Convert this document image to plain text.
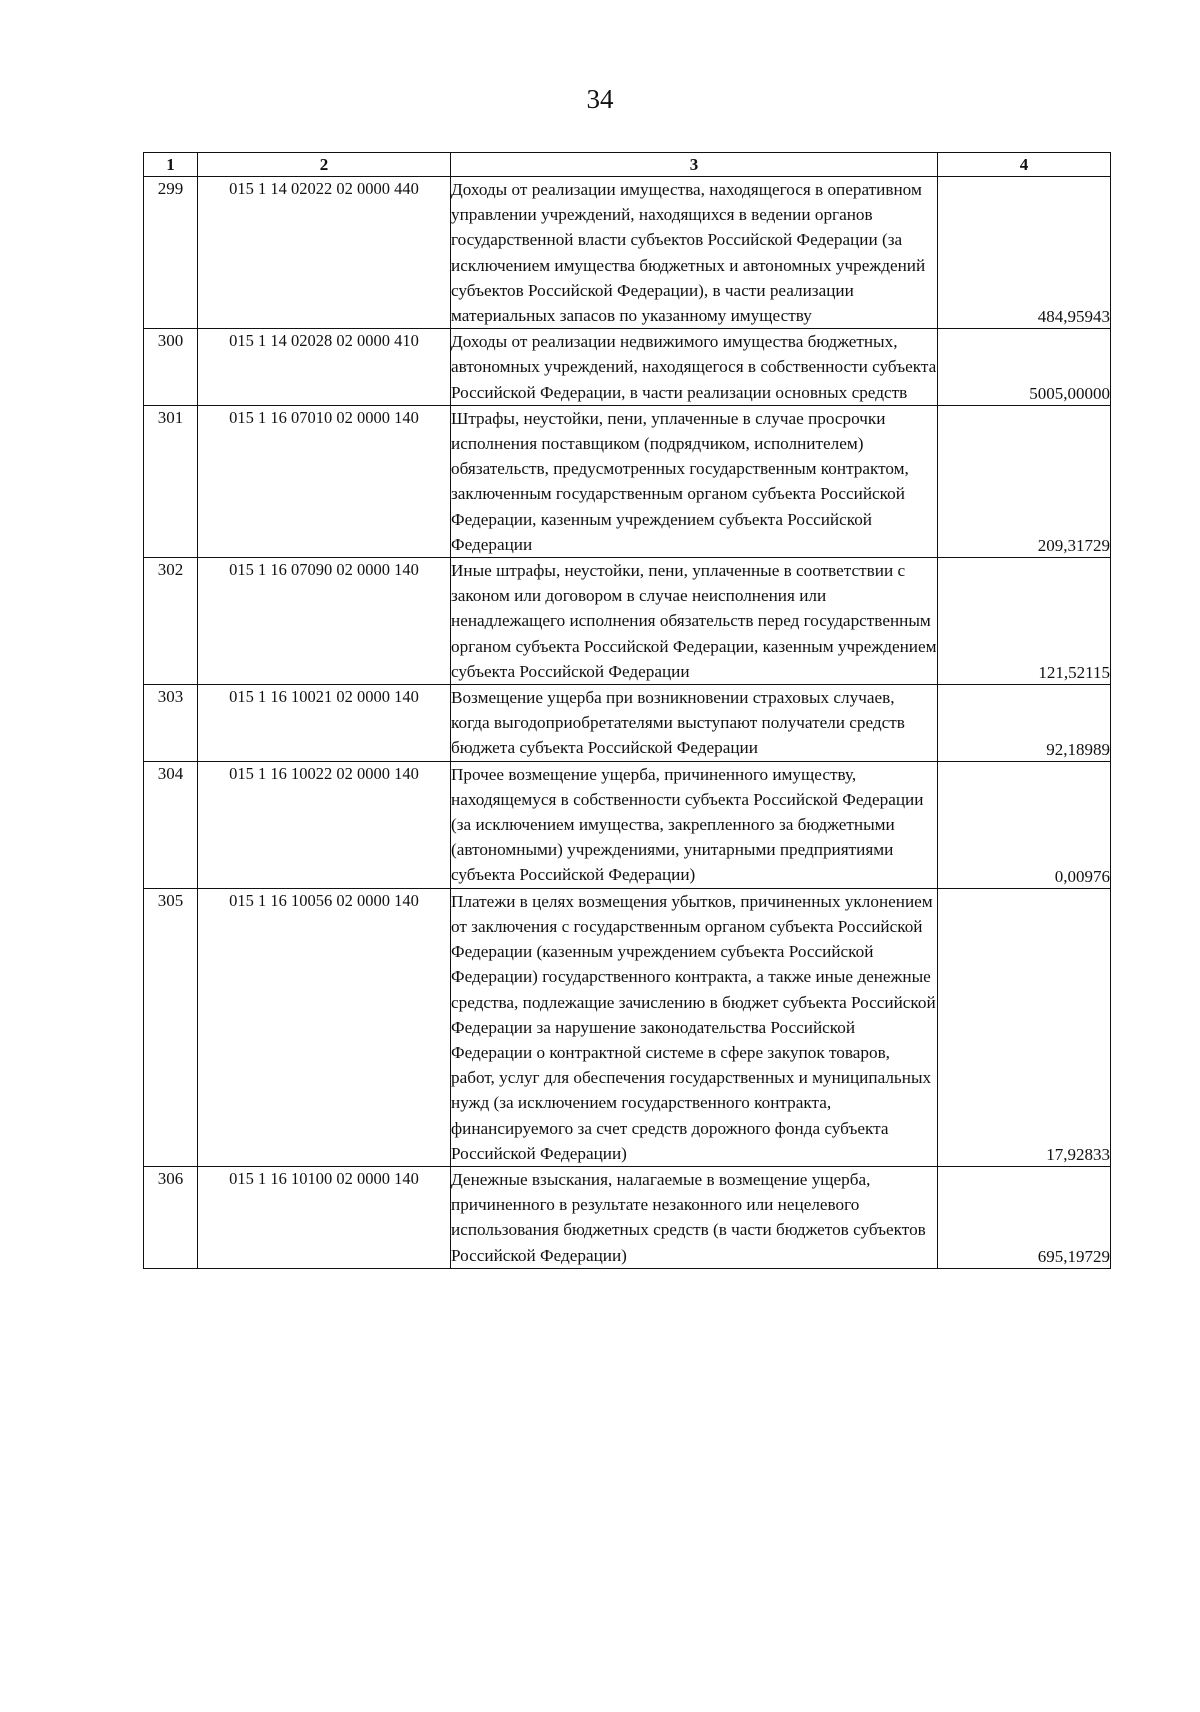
34
1	2	3	4
299	015 1 14 02022 02 0000 440	Доходы от реализации имущества, находящегося в оперативном управлении учреждений, находящихся в ведении органов государственной власти субъектов Российской Федерации (за исключением имущества бюджетных и автономных учреждений субъектов Российской Федерации), в части реализации материальных запасов по указанному имуществу	484,95943
300	015 1 14 02028 02 0000 410	Доходы от реализации недвижимого имущества бюджетных, автономных учреждений, находящегося в собственности субъекта Российской Федерации, в части реализации основных средств	5005,00000
301	015 1 16 07010 02 0000 140	Штрафы, неустойки, пени, уплаченные в случае просрочки исполнения поставщиком (подрядчиком, исполнителем) обязательств, предусмотренных государственным контрактом, заключенным государственным органом субъекта Российской Федерации, казенным учреждением субъекта Российской Федерации	209,31729
302	015 1 16 07090 02 0000 140	Иные штрафы, неустойки, пени, уплаченные в соответствии с законом или договором в случае неисполнения или ненадлежащего исполнения обязательств перед государственным органом субъекта Российской Федерации, казенным учреждением субъекта Российской Федерации	121,52115
303	015 1 16 10021 02 0000 140	Возмещение ущерба при возникновении страховых случаев, когда выгодоприобретателями выступают получатели средств бюджета субъекта Российской Федерации	92,18989
304	015 1 16 10022 02 0000 140	Прочее возмещение ущерба, причиненного имуществу, находящемуся в собственности субъекта Российской Федерации (за исключением имущества, закрепленного за бюджетными (автономными) учреждениями, унитарными предприятиями субъекта Российской Федерации)	0,00976
305	015 1 16 10056 02 0000 140	Платежи в целях возмещения убытков, причиненных уклонением от заключения с государственным органом субъекта Российской Федерации (казенным учреждением субъекта Российской Федерации) государственного контракта, а также иные денежные средства, подлежащие зачислению в бюджет субъекта Российской Федерации за нарушение законодательства Российской Федерации о контрактной системе в сфере закупок товаров, работ, услуг для обеспечения государственных и муниципальных нужд (за исключением государственного контракта, финансируемого за счет средств дорожного фонда субъекта Российской Федерации)	17,92833
306	015 1 16 10100 02 0000 140	Денежные взыскания, налагаемые в возмещение ущерба, причиненного в результате незаконного или нецелевого использования бюджетных средств (в части бюджетов субъектов Российской Федерации)	695,19729
